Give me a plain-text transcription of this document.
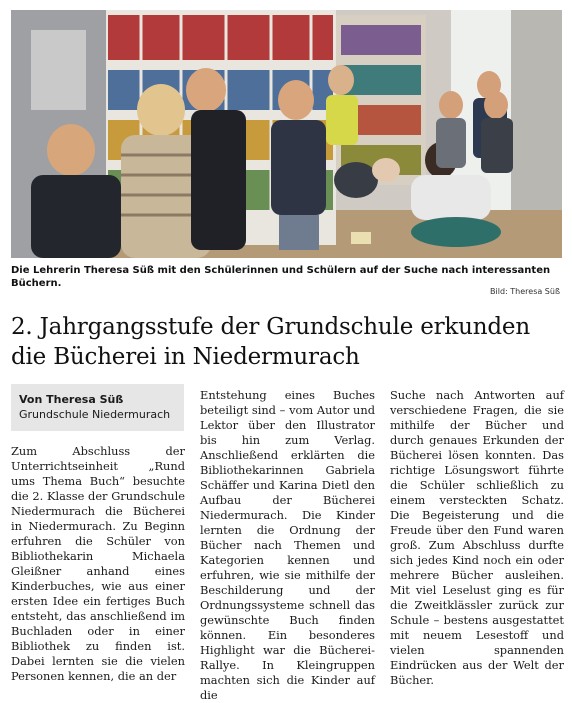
Die Lehrerin Theresa Süß mit den Schülerinnen und Schülern auf der Suche nach interessanten Büchern.
Bild: Theresa Süß
2. Jahrgangsstufe der Grundschule erkunden die Bücherei in Niedermurach
Von Theresa Süß
Grundschule Niedermurach

Zum Abschluss der Unterrichtseinheit „Rund ums Thema Buch“ besuchte die 2. Klasse der Grundschule Niedermurach die Bücherei in Niedermurach. Zu Beginn erfuhren die Schüler von Bibliothekarin Michaela Gleißner anhand eines Kinderbuches, wie aus einer ersten Idee ein fertiges Buch entsteht, das anschließend im Buchladen oder in einer Bibliothek zu finden ist. Dabei lernten sie die vielen Personen kennen, die an der

Entstehung eines Buches beteiligt sind – vom Autor und Lektor über den Illustrator bis hin zum Verlag. Anschließend erklärten die Bibliothekarinnen Gabriela Schäffer und Karina Dietl den Aufbau der Bücherei Niedermurach. Die Kinder lernten die Ordnung der Bücher nach Themen und Kategorien kennen und erfuhren, wie sie mithilfe der Beschilderung und der Ordnungssysteme schnell das gewünschte Buch finden können. Ein besonderes Highlight war die Bücherei-Rallye. In Kleingruppen machten sich die Kinder auf die

Suche nach Antworten auf verschiedene Fragen, die sie mithilfe der Bücher und durch genaues Erkunden der Bücherei lösen konnten. Das richtige Lösungswort führte die Schüler schließlich zu einem versteckten Schatz. Die Begeisterung und die Freude über den Fund waren groß. Zum Abschluss durfte sich jedes Kind noch ein oder mehrere Bücher ausleihen. Mit viel Leselust ging es für die Zweitklässler zurück zur Schule – bestens ausgestattet mit neuem Lesestoff und vielen spannenden Eindrücken aus der Welt der Bücher.
